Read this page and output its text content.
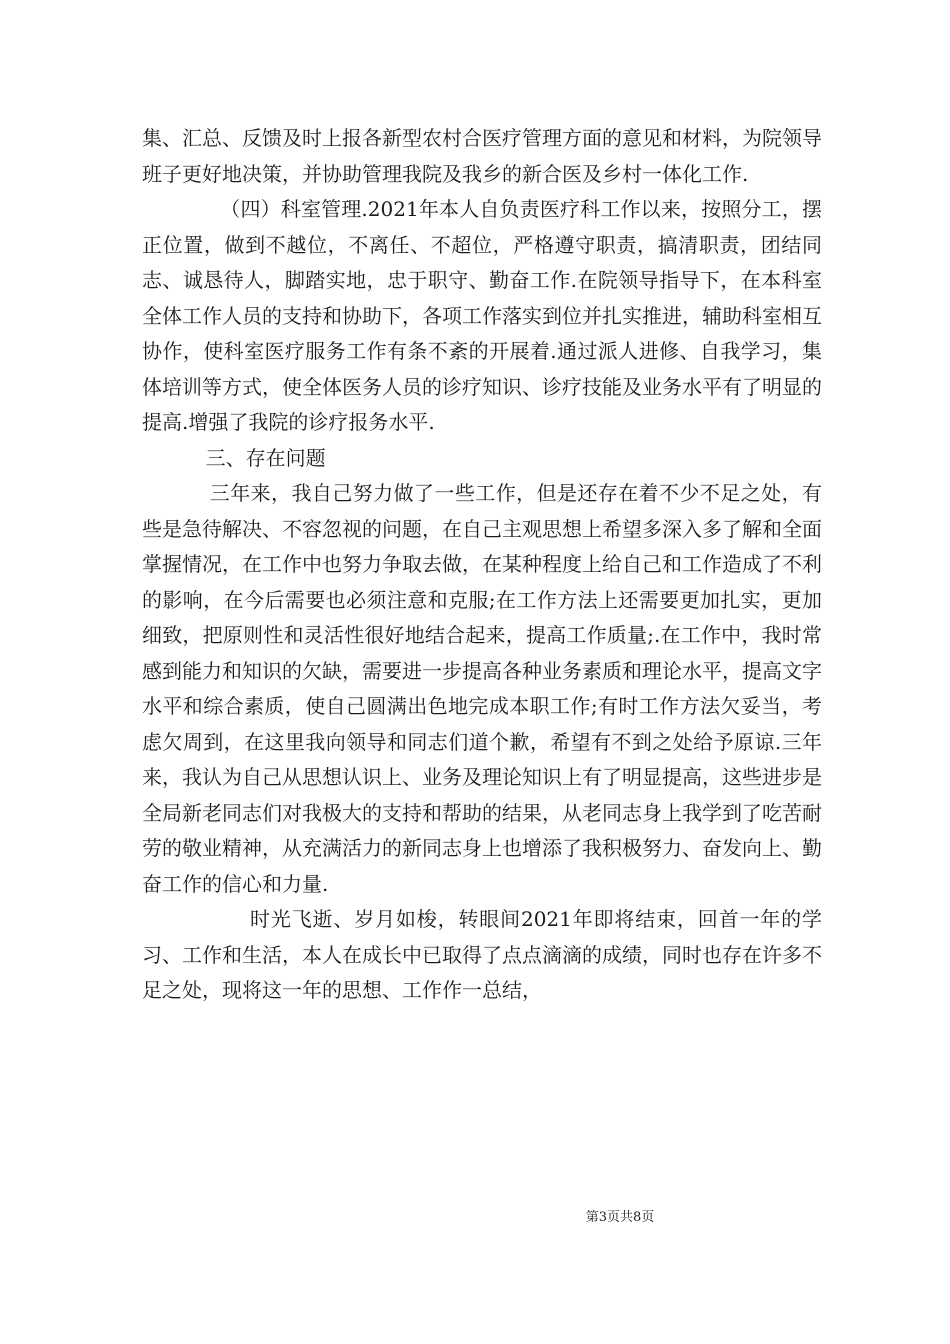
集、汇总、反馈及时上报各新型农村合医疗管理方面的意见和材料，为院领导班子更好地决策，并协助管理我院及我乡的新合医及乡村一体化工作.

（四）科室管理.2021年本人自负责医疗科工作以来，按照分工，摆正位置，做到不越位，不离任、不超位，严格遵守职责，搞清职责，团结同志、诚恳待人，脚踏实地，忠于职守、勤奋工作.在院领导指导下，在本科室全体工作人员的支持和协助下，各项工作落实到位并扎实推进，辅助科室相互协作，使科室医疗服务工作有条不紊的开展着.通过派人进修、自我学习，集体培训等方式，使全体医务人员的诊疗知识、诊疗技能及业务水平有了明显的提高.增强了我院的诊疗报务水平.

三、存在问题

三年来，我自己努力做了一些工作，但是还存在着不少不足之处，有些是急待解决、不容忽视的问题，在自己主观思想上希望多深入多了解和全面掌握情况，在工作中也努力争取去做，在某种程度上给自己和工作造成了不利的影响，在今后需要也必须注意和克服;在工作方法上还需要更加扎实，更加细致，把原则性和灵活性很好地结合起来，提高工作质量;.在工作中，我时常感到能力和知识的欠缺，需要进一步提高各种业务素质和理论水平，提高文字水平和综合素质，使自己圆满出色地完成本职工作;有时工作方法欠妥当，考虑欠周到，在这里我向领导和同志们道个歉，希望有不到之处给予原谅.三年来，我认为自己从思想认识上、业务及理论知识上有了明显提高，这些进步是全局新老同志们对我极大的支持和帮助的结果，从老同志身上我学到了吃苦耐劳的敬业精神，从充满活力的新同志身上也增添了我积极努力、奋发向上、勤奋工作的信心和力量.

时光飞逝、岁月如梭，转眼间2021年即将结束，回首一年的学习、工作和生活，本人在成长中已取得了点点滴滴的成绩，同时也存在许多不足之处，现将这一年的思想、工作作一总结，

第3页共8页
